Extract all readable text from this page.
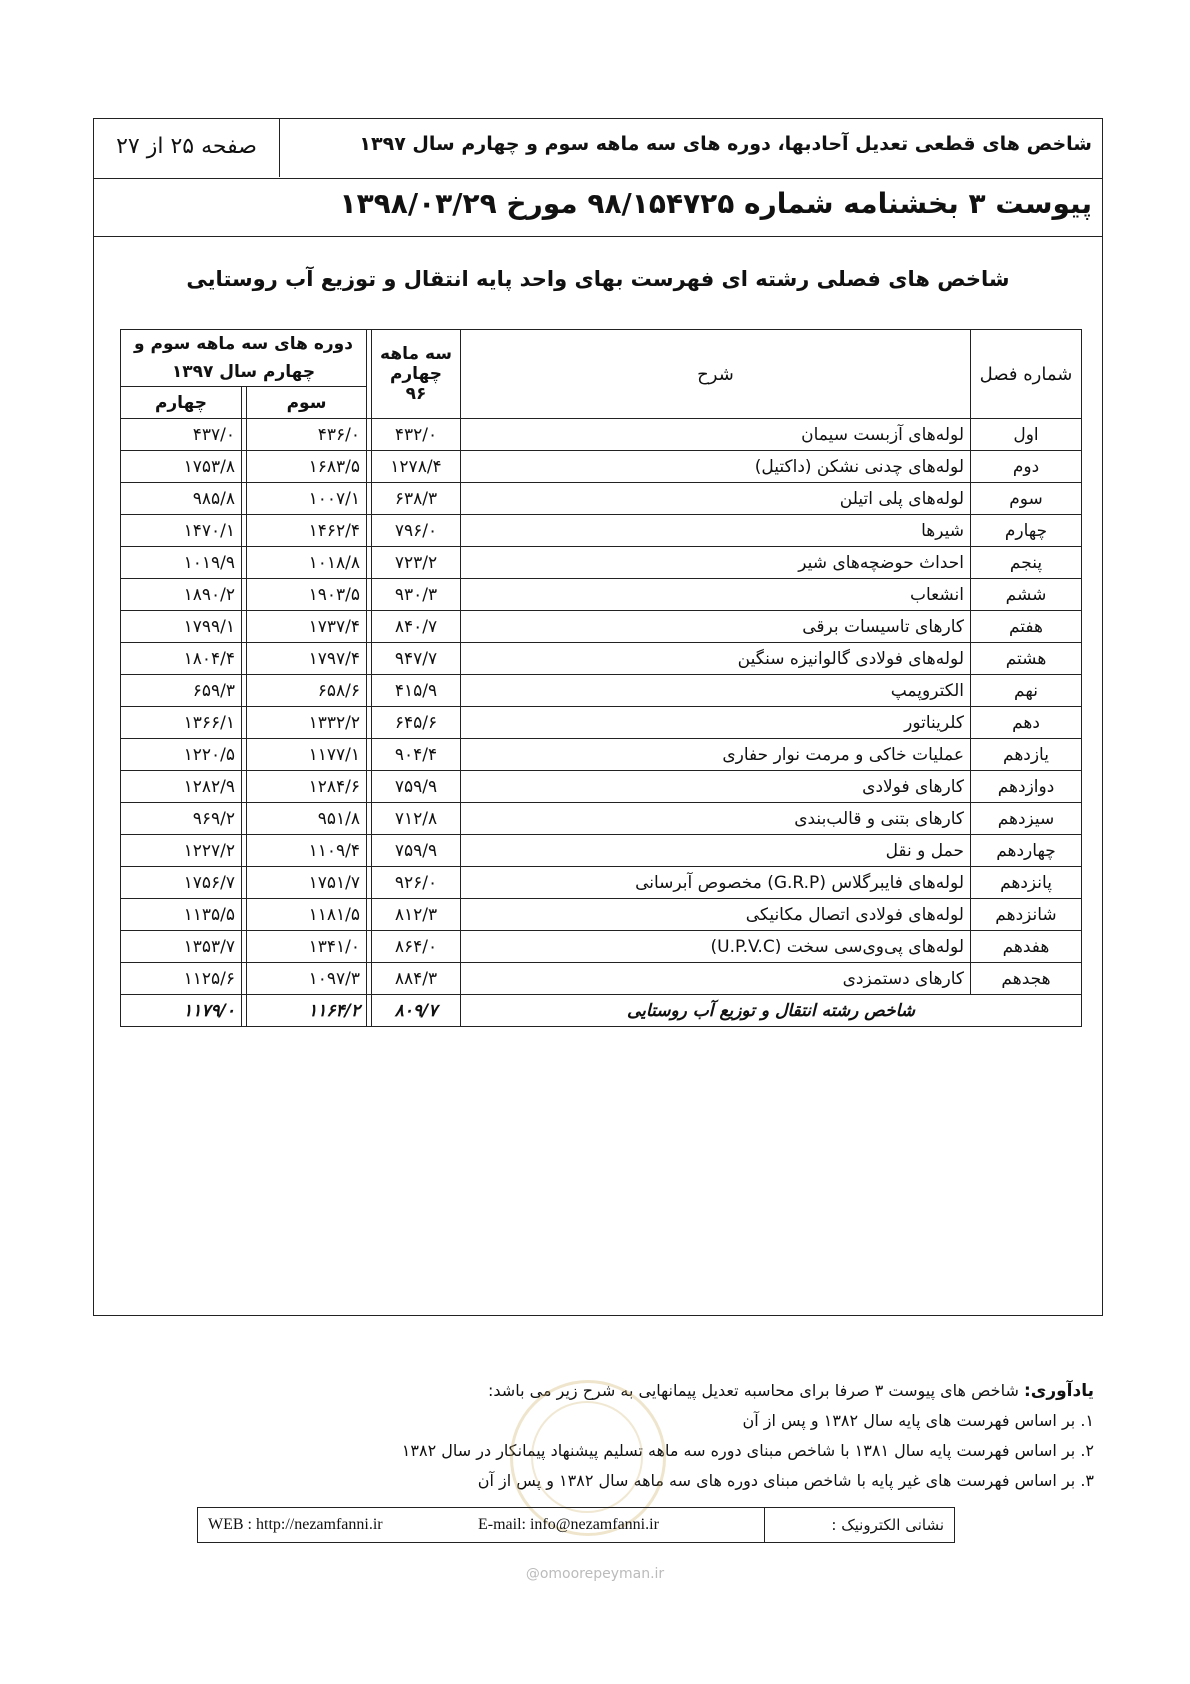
شاخص های قطعی تعدیل آحادبها، دوره های سه ماهه سوم و چهارم سال ۱۳۹۷
صفحه ۲۵ از ۲۷
پیوست ۳ بخشنامه شماره ۹۸/۱۵۴۷۲۵ مورخ ۱۳۹۸/۰۳/۲۹
شاخص های فصلی رشته ای فهرست بهای واحد پایه انتقال و توزیع آب روستایی
شماره فصل	شرح	سه ماهه چهارم ۹۶		دوره های سه ماهه سوم و چهارم سال ۱۳۹۷		
				سوم		چهارم
اول	لوله‌های آزبست سیمان	۴۳۲/۰		۴۳۶/۰		۴۳۷/۰
دوم	لوله‌های چدنی نشکن (داکتیل)	۱۲۷۸/۴		۱۶۸۳/۵		۱۷۵۳/۸
سوم	لوله‌های پلی اتیلن	۶۳۸/۳		۱۰۰۷/۱		۹۸۵/۸
چهارم	شیرها	۷۹۶/۰		۱۴۶۲/۴		۱۴۷۰/۱
پنجم	احداث حوضچه‌های شیر	۷۲۳/۲		۱۰۱۸/۸		۱۰۱۹/۹
ششم	انشعاب	۹۳۰/۳		۱۹۰۳/۵		۱۸۹۰/۲
هفتم	کارهای تاسیسات برقی	۸۴۰/۷		۱۷۳۷/۴		۱۷۹۹/۱
هشتم	لوله‌های فولادی گالوانیزه سنگین	۹۴۷/۷		۱۷۹۷/۴		۱۸۰۴/۴
نهم	الکتروپمپ	۴۱۵/۹		۶۵۸/۶		۶۵۹/۳
دهم	کلریناتور	۶۴۵/۶		۱۳۳۲/۲		۱۳۶۶/۱
یازدهم	عملیات خاکی و مرمت نوار حفاری	۹۰۴/۴		۱۱۷۷/۱		۱۲۲۰/۵
دوازدهم	کارهای فولادی	۷۵۹/۹		۱۲۸۴/۶		۱۲۸۲/۹
سیزدهم	کارهای بتنی و قالب‌بندی	۷۱۲/۸		۹۵۱/۸		۹۶۹/۲
چهاردهم	حمل و نقل	۷۵۹/۹		۱۱۰۹/۴		۱۲۲۷/۲
پانزدهم	لوله‌های فایبرگلاس (G.R.P) مخصوص آبرسانی	۹۲۶/۰		۱۷۵۱/۷		۱۷۵۶/۷
شانزدهم	لوله‌های فولادی اتصال مکانیکی	۸۱۲/۳		۱۱۸۱/۵		۱۱۳۵/۵
هفدهم	لوله‌های پی‌وی‌سی سخت (U.P.V.C)	۸۶۴/۰		۱۳۴۱/۰		۱۳۵۳/۷
هجدهم	کارهای دستمزدی	۸۸۴/۳		۱۰۹۷/۳		۱۱۲۵/۶
شاخص رشته انتقال و توزیع آب روستایی		۸۰۹/۷		۱۱۶۴/۲		۱۱۷۹/۰
یادآوری: شاخص های پیوست ۳ صرفا برای محاسبه تعدیل پیمانهایی به شرح زیر می باشد:
۱. بر اساس فهرست های پایه سال ۱۳۸۲ و پس از آن
۲. بر اساس فهرست پایه سال ۱۳۸۱ با شاخص مبنای دوره سه ماهه تسلیم پیشنهاد پیمانکار در سال ۱۳۸۲
۳. بر اساس فهرست های غیر پایه با شاخص مبنای دوره های سه ماهه سال ۱۳۸۲ و پس از آن
نشانی الکترونیک :
E-mail: info@nezamfanni.ir
WEB : http://nezamfanni.ir
@omoorepeyman.ir
